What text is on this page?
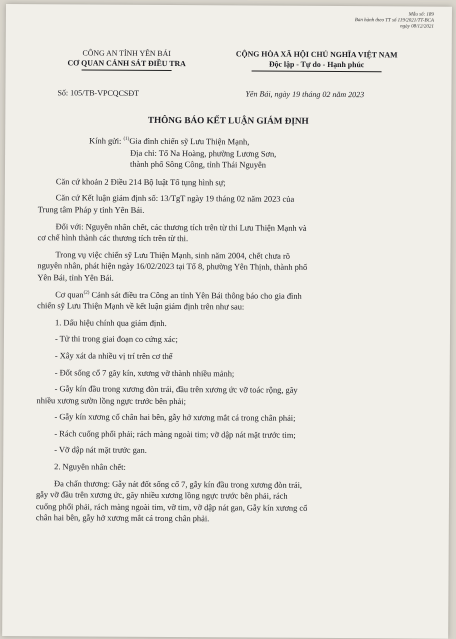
Mẫu số: 189
Ban hành theo TT số 119/2021/TT-BCA
ngày 08/12/2021
CÔNG AN TỈNH YÊN BÁI
CƠ QUAN CẢNH SÁT ĐIỀU TRA
CỘNG HÒA XÃ HỘI CHỦ NGHĨA VIỆT NAM
Độc lập - Tự do - Hạnh phúc
Số: 105/TB-VPCQCSĐT	Yên Bái, ngày 19 tháng 02 năm 2023
THÔNG BÁO KẾT LUẬN GIÁM ĐỊNH
Kính gửi: $^{(1)}$Gia đình chiến sỹ Lưu Thiện Mạnh,
Địa chỉ: Tổ Na Hoàng, phường Lương Sơn,
thành phố Sông Công, tỉnh Thái Nguyên
Căn cứ khoản 2 Điều 214 Bộ luật Tố tụng hình sự;
Căn cứ Kết luận giám định số: 13/TgT ngày 19 tháng 02 năm 2023 của
Trung tâm Pháp y tỉnh Yên Bái.
Đối với: Nguyên nhân chết, các thương tích trên từ thi Lưu Thiện Mạnh và
cơ chế hình thành các thương tích trên từ thi.
Trong vụ việc chiến sỹ Lưu Thiện Mạnh, sinh năm 2004, chết chưa rõ
nguyên nhân, phát hiện ngày 16/02/2023 tại Tổ 8, phường Yên Thịnh, thành phố
Yên Bái, tỉnh Yên Bái.
Cơ quan$^{(2)}$ Cảnh sát điều tra Công an tỉnh Yên Bái thông báo cho gia đình
chiến sỹ Lưu Thiện Mạnh về kết luận giám định trên như sau:
1. Dấu hiệu chính qua giám định.
- Tử thi trong giai đoạn co cứng xác;
- Xây xát da nhiều vị trí trên cơ thể
- Đốt sống cổ 7 gãy kín, xương vỡ thành nhiều mảnh;
- Gẫy kín đầu trong xương đòn trái, đầu trên xương ức vỡ toác rộng, gãy
nhiều xương sườn lồng ngực trước bên phải;
- Gẫy kín xương cổ chân hai bên, gẫy hở xương mắt cá trong chân phải;
- Rách cuống phổi phải; rách màng ngoài tim; vỡ dập nát mặt trước tim;
- Vỡ dập nát mặt trước gan.
2. Nguyên nhân chết:
Đa chấn thương: Gẫy nát đốt sống cổ 7, gẫy kín đầu trong xương đòn trái,
gẫy vỡ đầu trên xương ức, gãy nhiều xương lồng ngực trước bên phải, rách
cuống phổi phải, rách màng ngoài tim, vỡ tim, vỡ dập nát gan, Gẫy kín xương cổ
chân hai bên, gẫy hở xương mắt cá trong chân phải.
